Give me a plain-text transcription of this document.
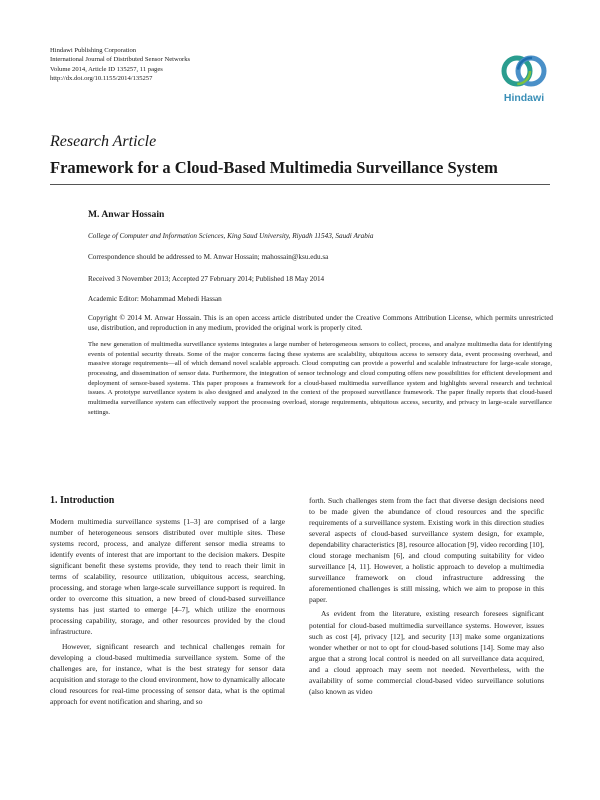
Hindawi Publishing Corporation
International Journal of Distributed Sensor Networks
Volume 2014, Article ID 135257, 11 pages
http://dx.doi.org/10.1155/2014/135257
Hindawi
Research Article
Framework for a Cloud-Based Multimedia Surveillance System
M. Anwar Hossain
College of Computer and Information Sciences, King Saud University, Riyadh 11543, Saudi Arabia
Correspondence should be addressed to M. Anwar Hossain; mahossain@ksu.edu.sa
Received 3 November 2013; Accepted 27 February 2014; Published 18 May 2014
Academic Editor: Mohammad Mehedi Hassan
Copyright © 2014 M. Anwar Hossain. This is an open access article distributed under the Creative Commons Attribution License, which permits unrestricted use, distribution, and reproduction in any medium, provided the original work is properly cited.
The new generation of multimedia surveillance systems integrates a large number of heterogeneous sensors to collect, process, and analyze multimedia data for identifying events of potential security threats. Some of the major concerns facing these systems are scalability, ubiquitous access to sensory data, event processing overhead, and massive storage requirements—all of which demand novel scalable approach. Cloud computing can provide a powerful and scalable infrastructure for large-scale storage, processing, and dissemination of sensor data. Furthermore, the integration of sensor technology and cloud computing offers new possibilities for efficient development and deployment of sensor-based systems. This paper proposes a framework for a cloud-based multimedia surveillance system and highlights several research and technical issues. A prototype surveillance system is also designed and analyzed in the context of the proposed surveillance framework. The paper finally reports that cloud-based multimedia surveillance system can effectively support the processing overload, storage requirements, ubiquitous access, security, and privacy in large-scale surveillance settings.
1. Introduction

Modern multimedia surveillance systems [1–3] are comprised of a large number of heterogeneous sensors distributed over multiple sites. These systems record, process, and analyze different sensor media streams to identify events of interest that are important to the decision makers. Despite significant benefit these systems provide, they tend to reach their limit in terms of scalability, resource utilization, ubiquitous access, searching, processing, and storage when large-scale surveillance support is required. In order to overcome this situation, a new breed of cloud-based surveillance systems has just started to emerge [4–7], which utilize the enormous processing capability, storage, and other resources provided by the cloud infrastructure.

However, significant research and technical challenges remain for developing a cloud-based multimedia surveillance system. Some of the challenges are, for instance, what is the best strategy for sensor data acquisition and storage to the cloud environment, how to dynamically allocate cloud resources for real-time processing of sensor data, what is the optimal approach for event notification and sharing, and so

forth. Such challenges stem from the fact that diverse design decisions need to be made given the abundance of cloud resources and the specific requirements of a surveillance system. Existing work in this direction studies several aspects of cloud-based surveillance system design, for example, dependability characteristics [8], resource allocation [9], video recording [10], cloud storage mechanism [6], and cloud computing suitability for video surveillance [4, 11]. However, a holistic approach to develop a multimedia surveillance framework on cloud infrastructure addressing the aforementioned challenges is still missing, which we aim to propose in this paper.

As evident from the literature, existing research foresees significant potential for cloud-based multimedia surveillance systems. However, issues such as cost [4], privacy [12], and security [13] make some organizations wonder whether or not to opt for cloud-based solutions [14]. Some may also argue that a strong local control is needed on all surveillance data acquired, and a cloud approach may seem not needed. Nevertheless, with the availability of some commercial cloud-based video surveillance solutions (also known as video
